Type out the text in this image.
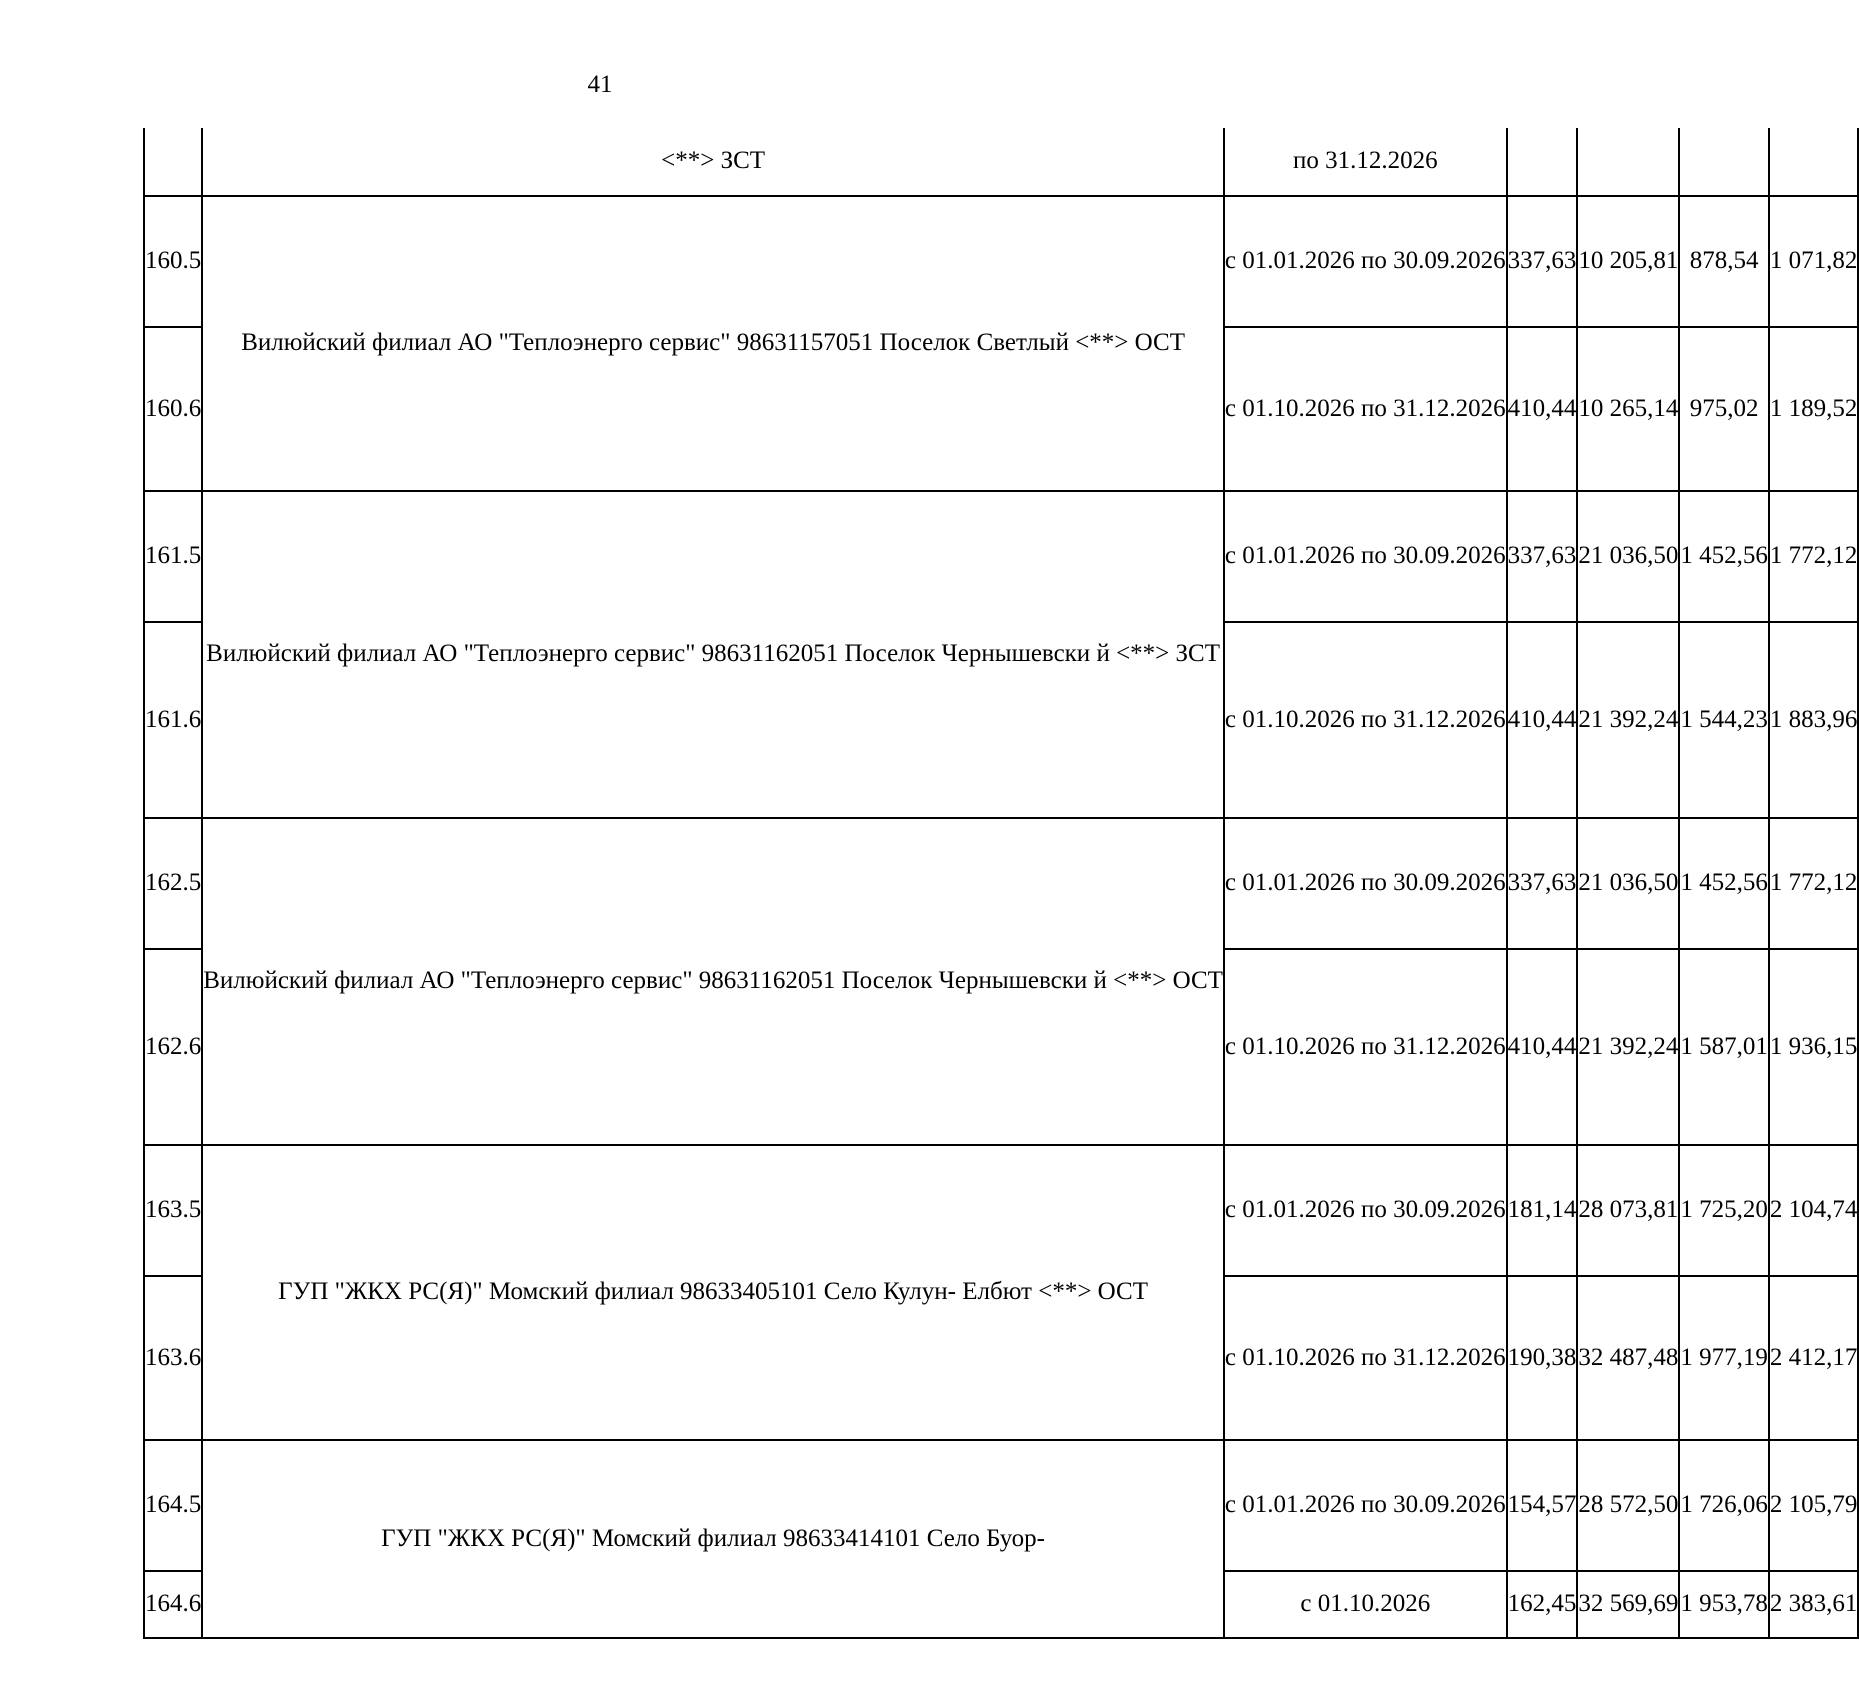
41
	<**> ЗСТ	по 31.12.2026				
160.5	Вилюйский филиал АО "Теплоэнерго сервис" 98631157051 Поселок Светлый <**> ОСТ	с 01.01.2026 по 30.09.2026	337,63	10 205,81	878,54	1 071,82
160.6		с 01.10.2026 по 31.12.2026	410,44	10 265,14	975,02	1 189,52
161.5	Вилюйский филиал АО "Теплоэнерго сервис" 98631162051 Поселок Чернышевски й <**> ЗСТ	с 01.01.2026 по 30.09.2026	337,63	21 036,50	1 452,56	1 772,12
161.6		с 01.10.2026 по 31.12.2026	410,44	21 392,24	1 544,23	1 883,96
162.5	Вилюйский филиал АО "Теплоэнерго сервис" 98631162051 Поселок Чернышевски й <**> ОСТ	с 01.01.2026 по 30.09.2026	337,63	21 036,50	1 452,56	1 772,12
162.6		с 01.10.2026 по 31.12.2026	410,44	21 392,24	1 587,01	1 936,15
163.5	ГУП "ЖКХ РС(Я)" Момский филиал 98633405101 Село Кулун- Елбют <**> ОСТ	с 01.01.2026 по 30.09.2026	181,14	28 073,81	1 725,20	2 104,74
163.6		с 01.10.2026 по 31.12.2026	190,38	32 487,48	1 977,19	2 412,17
164.5	ГУП "ЖКХ РС(Я)" Момский филиал 98633414101 Село Буор-	с 01.01.2026 по 30.09.2026	154,57	28 572,50	1 726,06	2 105,79
164.6		с 01.10.2026	162,45	32 569,69	1 953,78	2 383,61
